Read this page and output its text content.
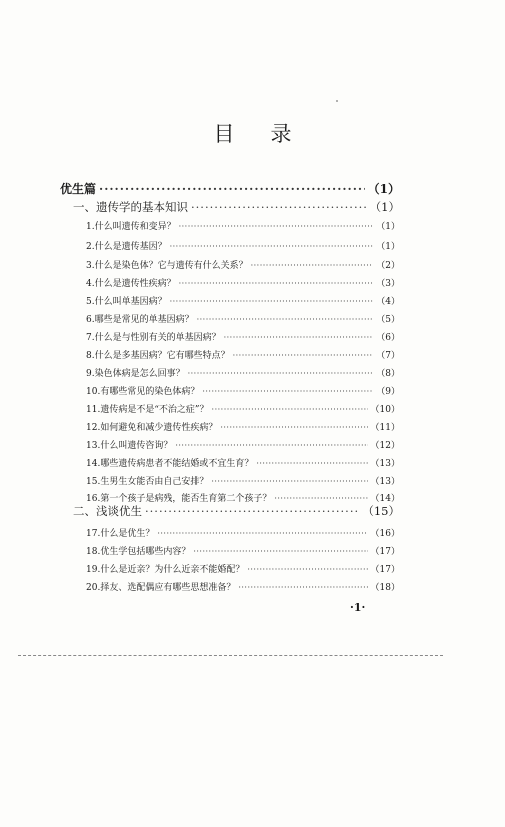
目录
优生篇 ·····	（1）
一、遗传学的基本知识 ·····	（1）
1.什么叫遗传和变异？ ·····	（1）
2.什么是遗传基因？ ·····	（1）
3.什么是染色体？它与遗传有什么关系？ ·····	（2）
4.什么是遗传性疾病？ ·····	（3）
5.什么叫单基因病？ ·····	（4）
6.哪些是常见的单基因病？ ·····	（5）
7.什么是与性别有关的单基因病？ ·····	（6）
8.什么是多基因病？它有哪些特点？ ·····	（7）
9.染色体病是怎么回事？ ·····	（8）
10.有哪些常见的染色体病？ ·····	（9）
11.遗传病是不是“不治之症”？ ·····	（10）
12.如何避免和减少遗传性疾病？ ·····	（11）
13.什么叫遗传咨询？ ·····	（12）
14.哪些遗传病患者不能结婚或不宜生育？ ·····	（13）
15.生男生女能否由自己安排？ ·····	（13）
16.第一个孩子是病残，能否生育第二个孩子？ ·····	（14）
二、浅谈优生 ·····	（15）
17.什么是优生？ ·····	（16）
18.优生学包括哪些内容？ ·····	（17）
19.什么是近亲？为什么近亲不能婚配？ ·····	（17）
20.择友、选配偶应有哪些思想准备？ ·····	（18）
·1·
